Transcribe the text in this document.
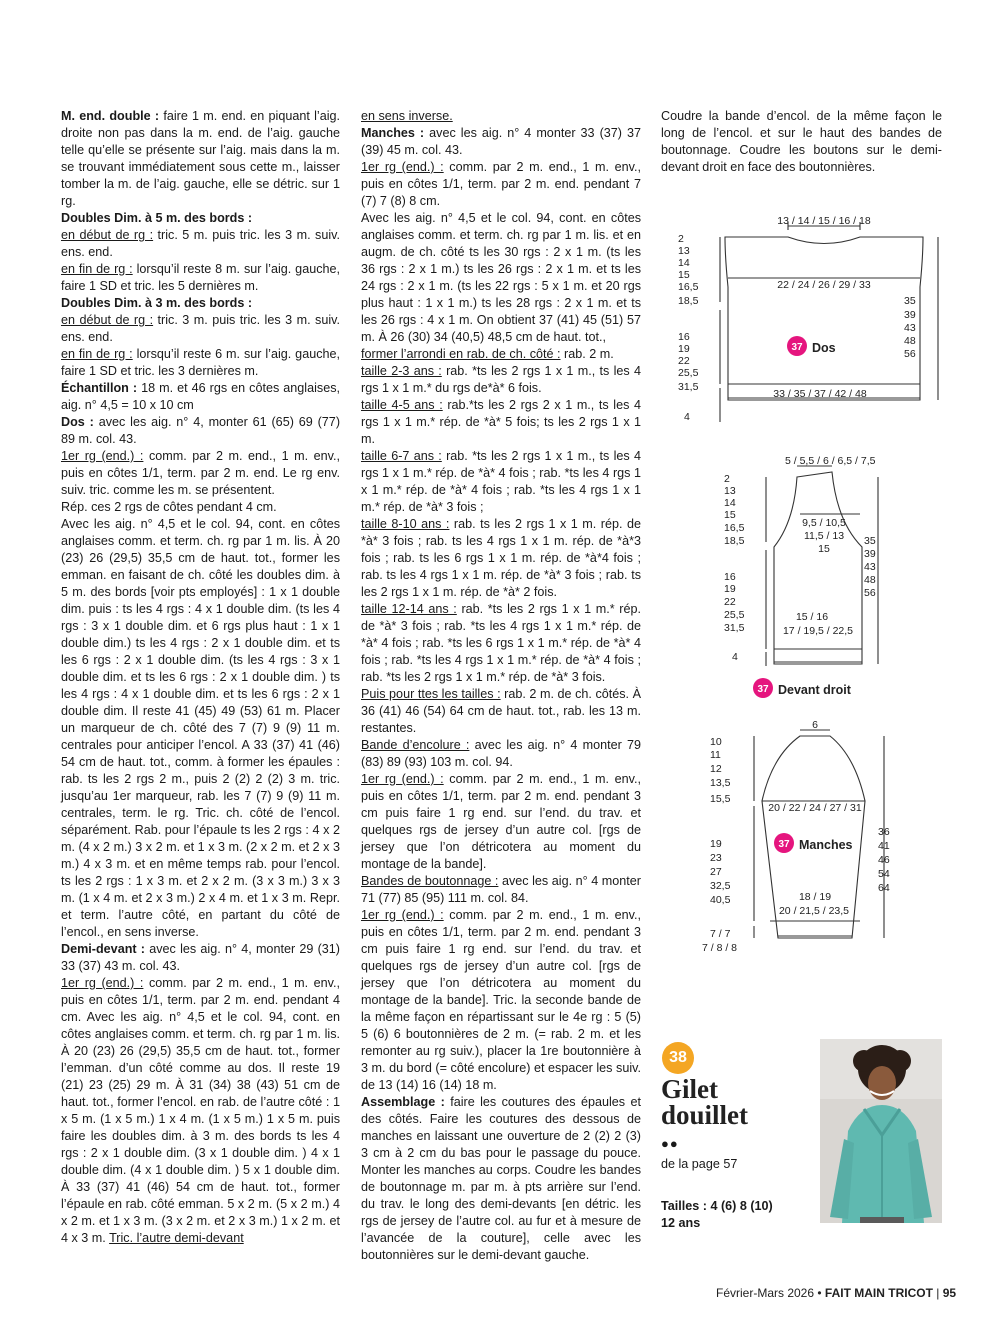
M. end. double : faire 1 m. end. en piquant l’aig. droite non pas dans la m. end. de l’aig. gauche telle qu’elle se présente sur l’aig. mais dans la m. se trouvant immédiatement sous cette m., laisser tomber la m. de l’aig. gauche, elle se détric. sur 1 rg.

Doubles Dim. à 5 m. des bords :

en début de rg : tric. 5 m. puis tric. les 3 m. suiv. ens. end.

en fin de rg : lorsqu’il reste 8 m. sur l’aig. gauche, faire 1 SD et tric. les 5 dernières m.

Doubles Dim. à 3 m. des bords :

en début de rg : tric. 3 m. puis tric. les 3 m. suiv. ens. end.

en fin de rg : lorsqu’il reste 6 m. sur l’aig. gauche, faire 1 SD et tric. les 3 dernières m.

Échantillon : 18 m. et 46 rgs en côtes anglaises, aig. n° 4,5 = 10 x 10 cm

Dos : avec les aig. n° 4, monter 61 (65) 69 (77) 89 m. col. 43.

1er rg (end.) : comm. par 2 m. end., 1 m. env., puis en côtes 1/1, term. par 2 m. end. Le rg env. suiv. tric. comme les m. se présentent.

Rép. ces 2 rgs de côtes pendant 4 cm.

Avec les aig. n° 4,5 et le col. 94, cont. en côtes anglaises comm. et term. ch. rg par 1 m. lis. À 20 (23) 26 (29,5) 35,5 cm de haut. tot., former les emman. en faisant de ch. côté les doubles dim. à 5 m. des bords [voir pts employés] : 1 x 1 double dim. puis : ts les 4 rgs : 4 x 1 double dim. (ts les 4 rgs : 3 x 1 double dim. et 6 rgs plus haut : 1 x 1 double dim.) ts les 4 rgs : 2 x 1 double dim. et ts les 6 rgs : 2 x 1 double dim. (ts les 4 rgs : 3 x 1 double dim. et ts les 6 rgs : 2 x 1 double dim. ) ts les 4 rgs : 4 x 1 double dim. et ts les 6 rgs : 2 x 1 double dim. Il reste 41 (45) 49 (53) 61 m. Placer un marqueur de ch. côté des 7 (7) 9 (9) 11 m. centrales pour anticiper l’encol. A 33 (37) 41 (46) 54 cm de haut. tot., comm. à former les épaules : rab. ts les 2 rgs 2 m., puis 2 (2) 2 (2) 3 m. tric. jusqu’au 1er marqueur, rab. les 7 (7) 9 (9) 11 m. centrales, term. le rg. Tric. ch. côté de l’encol. séparément. Rab. pour l’épaule ts les 2 rgs : 4 x 2 m. (4 x 2 m.) 3 x 2 m. et 1 x 3 m. (2 x 2 m. et 2 x 3 m.) 4 x 3 m. et en même temps rab. pour l’encol. ts les 2 rgs : 1 x 3 m. et 2 x 2 m. (3 x 3 m.) 3 x 3 m. (1 x 4 m. et 2 x 3 m.) 2 x 4 m. et 1 x 3 m. Repr. et term. l’autre côté, en partant du côté de l’encol., en sens inverse.

Demi-devant : avec les aig. n° 4, monter 29 (31) 33 (37) 43 m. col. 43.

1er rg (end.) : comm. par 2 m. end., 1 m. env., puis en côtes 1/1, term. par 2 m. end. pendant 4 cm. Avec les aig. n° 4,5 et le col. 94, cont. en côtes anglaises comm. et term. ch. rg par 1 m. lis. À 20 (23) 26 (29,5) 35,5 cm de haut. tot., former l’emman. d’un côté comme au dos. Il reste 19 (21) 23 (25) 29 m. À 31 (34) 38 (43) 51 cm de haut. tot., former l’encol. en rab. de l’autre côté : 1 x 5 m. (1 x 5 m.) 1 x 4 m. (1 x 5 m.) 1 x 5 m. puis faire les doubles dim. à 3 m. des bords ts les 4 rgs : 2 x 1 double dim. (3 x 1 double dim. ) 4 x 1 double dim. (4 x 1 double dim. ) 5 x 1 double dim. À 33 (37) 41 (46) 54 cm de haut. tot., former l’épaule en rab. côté emman. 5 x 2 m. (5 x 2 m.) 4 x 2 m. et 1 x 3 m. (3 x 2 m. et 2 x 3 m.) 1 x 2 m. et 4 x 3 m. Tric. l’autre demi-devant

en sens inverse.

Manches : avec les aig. n° 4 monter 33 (37) 37 (39) 45 m. col. 43.

1er rg (end.) : comm. par 2 m. end., 1 m. env., puis en côtes 1/1, term. par 2 m. end. pendant 7 (7) 7 (8) 8 cm.

Avec les aig. n° 4,5 et le col. 94, cont. en côtes anglaises comm. et term. ch. rg par 1 m. lis. et en augm. de ch. côté ts les 30 rgs : 2 x 1 m. (ts les 36 rgs : 2 x 1 m.) ts les 26 rgs : 2 x 1 m. et ts les 24 rgs : 2 x 1 m. (ts les 22 rgs : 5 x 1 m. et 20 rgs plus haut : 1 x 1 m.) ts les 28 rgs : 2 x 1 m. et ts les 26 rgs : 4 x 1 m. On obtient 37 (41) 45 (51) 57 m. À 26 (30) 34 (40,5) 48,5 cm de haut. tot.,

former l’arrondi en rab. de ch. côté : rab. 2 m.

taille 2-3 ans : rab. *ts les 2 rgs 1 x 1 m., ts les 4 rgs 1 x 1 m.* du rgs de*à* 6 fois.

taille 4-5 ans : rab.*ts les 2 rgs 2 x 1 m., ts les 4 rgs 1 x 1 m.* rép. de *à* 5 fois; ts les 2 rgs 1 x 1 m.

taille 6-7 ans : rab. *ts les 2 rgs 1 x 1 m., ts les 4 rgs 1 x 1 m.* rép. de *à* 4 fois ; rab. *ts les 4 rgs 1 x 1 m.* rép. de *à* 4 fois ; rab. *ts les 4 rgs 1 x 1 m.* rép. de *à* 3 fois ;

taille 8-10 ans : rab. ts les 2 rgs 1 x 1 m. rép. de *à* 3 fois ; rab. ts les 4 rgs 1 x 1 m. rép. de *à*3 fois ; rab. ts les 6 rgs 1 x 1 m. rép. de *à*4 fois ; rab. ts les 4 rgs 1 x 1 m. rép. de *à* 3 fois ; rab. ts les 2 rgs 1 x 1 m. rép. de *à* 2 fois.

taille 12-14 ans : rab. *ts les 2 rgs 1 x 1 m.* rép. de *à* 3 fois ; rab. *ts les 4 rgs 1 x 1 m.* rép. de *à* 4 fois ; rab. *ts les 6 rgs 1 x 1 m.* rép. de *à* 4 fois ; rab. *ts les 4 rgs 1 x 1 m.* rép. de *à* 4 fois ; rab. *ts les 2 rgs 1 x 1 m.* rép. de *à* 3 fois.

Puis pour ttes les tailles : rab. 2 m. de ch. côtés. À 36 (41) 46 (54) 64 cm de haut. tot., rab. les 13 m. restantes.

Bande d’encolure : avec les aig. n° 4 monter 79 (83) 89 (93) 103 m. col. 94.

1er rg (end.) : comm. par 2 m. end., 1 m. env., puis en côtes 1/1, term. par 2 m. end. pendant 3 cm puis faire 1 rg end. sur l’end. du trav. et quelques rgs de jersey d’un autre col. [rgs de jersey que l’on détricotera au moment du montage de la bande].

Bandes de boutonnage : avec les aig. n° 4 monter 71 (77) 85 (95) 111 m. col. 84.

1er rg (end.) : comm. par 2 m. end., 1 m. env., puis en côtes 1/1, term. par 2 m. end. pendant 3 cm puis faire 1 rg end. sur l’end. du trav. et quelques rgs de jersey d’un autre col. [rgs de jersey que l’on détricotera au moment du montage de la bande]. Tric. la seconde bande de la même façon en répartissant sur le 4e rg : 5 (5) 5 (6) 6 boutonnières de 2 m. (= rab. 2 m. et les remonter au rg suiv.), placer la 1re boutonnière à 3 m. du bord (= côté encolure) et espacer les suiv. de 13 (14) 16 (14) 18 m.

Assemblage : faire les coutures des épaules et des côtés. Faire les coutures des dessous de manches en laissant une ouverture de 2 (2) 2 (3) 3 cm à 2 cm du bas pour le passage du pouce. Monter les manches au corps. Coudre les bandes de boutonnage m. par m. à pts arrière sur l’end. du trav. le long des demi-devants [en détric. les rgs de jersey de l’autre col. au fur et à mesure de l’avancée de la couture], celle avec les boutonnières sur le demi-devant gauche.

Coudre la bande d’encol. de la même façon le long de l’encol. et sur le haut des bandes de boutonnage. Coudre les boutons sur le demi-devant droit en face des boutonnières.

13 / 14 / 15 / 16 / 18
22 / 24 / 26 / 29 / 33
33 / 35 / 37 / 42 / 48
2
13
14
15
16,5
18,5
16
19
22
25,5
31,5
4
35
39
43
48
56
37 Dos
5 / 5,5 / 6 / 6,5 / 7,5
9,5 / 10,5
11,5 / 13
15
15 / 16
17 / 19,5 / 22,5
2
13
14
15
16,5
18,5
16
19
22
25,5
31,5
4
35
39
43
48
56
37 Devant droit
6
20 / 22 / 24 / 27 / 31
18 / 19
20 / 21,5 / 23,5
10
11
12
13,5
15,5
19
23
27
32,5
40,5
7 / 7
7 / 8 / 8
36
41
46
54
64
37 Manches
38
Gilet
douillet
●●
de la page 57
Tailles : 4 (6) 8 (10)
12 ans
Février-Mars 2026 • FAIT MAIN TRICOT | 95
